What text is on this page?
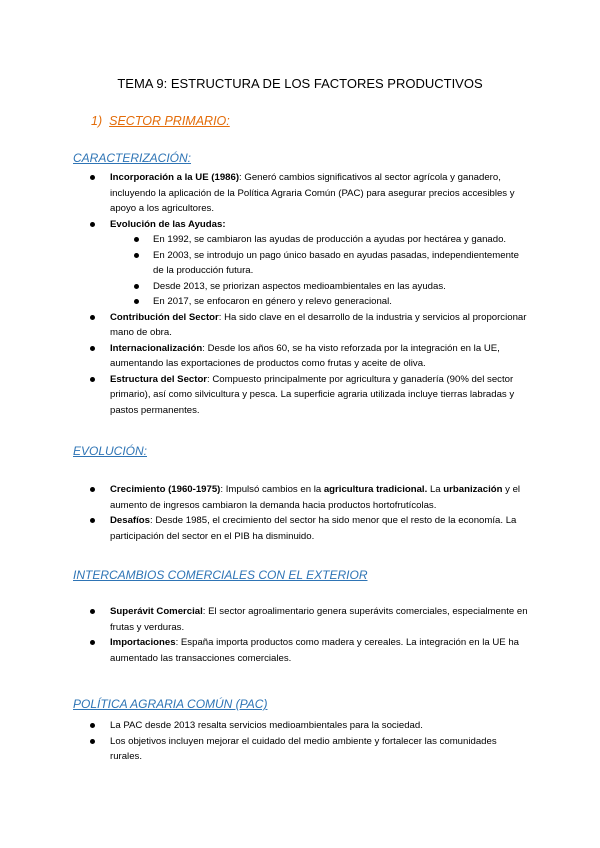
TEMA 9: ESTRUCTURA DE LOS FACTORES PRODUCTIVOS
1) SECTOR PRIMARIO:
CARACTERIZACIÓN:
Incorporación a la UE (1986): Generó cambios significativos al sector agrícola y ganadero, incluyendo la aplicación de la Política Agraria Común (PAC) para asegurar precios accesibles y apoyo a los agricultores.
Evolución de las Ayudas:
En 1992, se cambiaron las ayudas de producción a ayudas por hectárea y ganado.
En 2003, se introdujo un pago único basado en ayudas pasadas, independientemente de la producción futura.
Desde 2013, se priorizan aspectos medioambientales en las ayudas.
En 2017, se enfocaron en género y relevo generacional.
Contribución del Sector: Ha sido clave en el desarrollo de la industria y servicios al proporcionar mano de obra.
Internacionalización: Desde los años 60, se ha visto reforzada por la integración en la UE, aumentando las exportaciones de productos como frutas y aceite de oliva.
Estructura del Sector: Compuesto principalmente por agricultura y ganadería (90% del sector primario), así como silvicultura y pesca. La superficie agraria utilizada incluye tierras labradas y pastos permanentes.
EVOLUCIÓN:
Crecimiento (1960-1975): Impulsó cambios en la agricultura tradicional. La urbanización y el aumento de ingresos cambiaron la demanda hacia productos hortofrutícolas.
Desafíos: Desde 1985, el crecimiento del sector ha sido menor que el resto de la economía. La participación del sector en el PIB ha disminuido.
INTERCAMBIOS COMERCIALES CON EL EXTERIOR
Superávit Comercial: El sector agroalimentario genera superávits comerciales, especialmente en frutas y verduras.
Importaciones: España importa productos como madera y cereales. La integración en la UE ha aumentado las transacciones comerciales.
POLÍTICA AGRARIA COMÚN (PAC)
La PAC desde 2013 resalta servicios medioambientales para la sociedad.
Los objetivos incluyen mejorar el cuidado del medio ambiente y fortalecer las comunidades rurales.
